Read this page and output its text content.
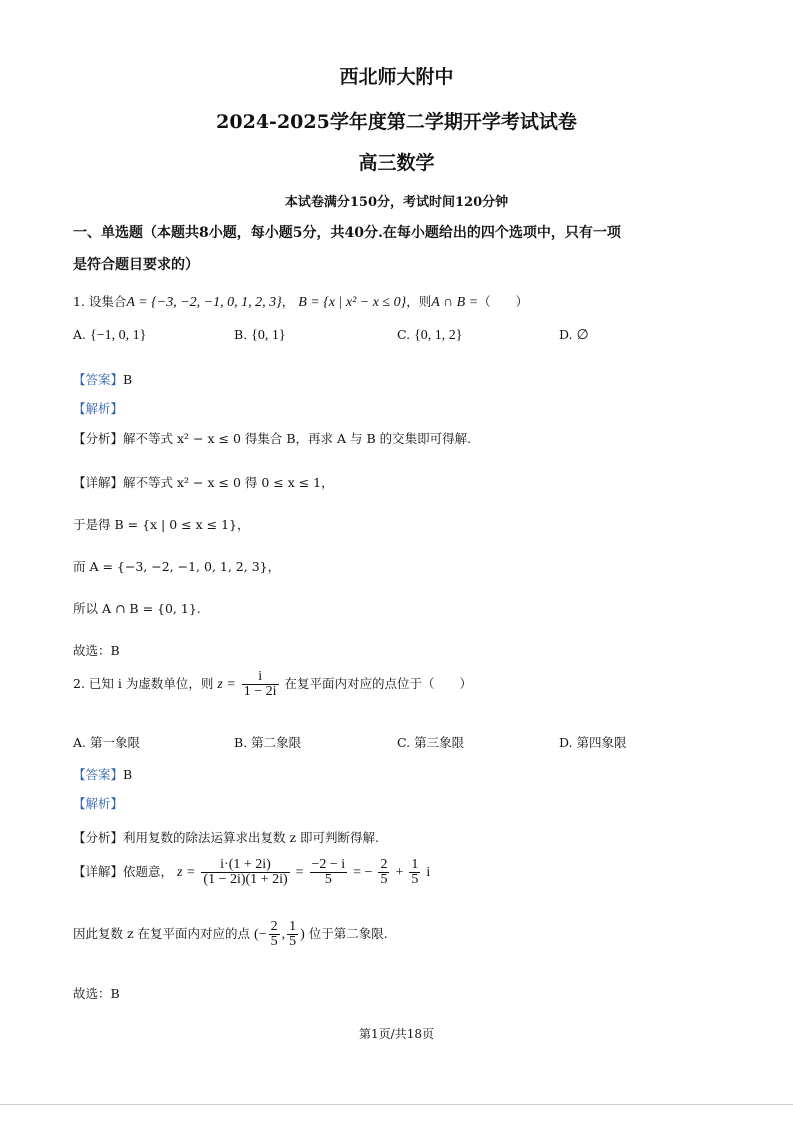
西北师大附中
2024-2025学年度第二学期开学考试试卷
高三数学
本试卷满分150分，考试时间120分钟
一、单选题（本题共8小题，每小题5分，共40分.在每小题给出的四个选项中，只有一项
是符合题目要求的）
1. 设集合A = {−3, −2, −1, 0, 1, 2, 3}， B = {x | x² − x ≤ 0}，则A ∩ B =（　　）
A. {−1, 0, 1}	B. {0, 1}	C. {0, 1, 2}	D. ∅
【答案】B
【解析】
【分析】解不等式 x² − x ≤ 0 得集合 B，再求 A 与 B 的交集即可得解.
【详解】解不等式 x² − x ≤ 0 得 0 ≤ x ≤ 1，
于是得 B = {x | 0 ≤ x ≤ 1}，
而 A = {−3, −2, −1, 0, 1, 2, 3}，
所以 A ∩ B = {0, 1}.
故选：B
2. 已知 i 为虚数单位，则 $z = \frac{i}{1 - 2i}$ 在复平面内对应的点位于（　　）
A. 第一象限	B. 第二象限	C. 第三象限	D. 第四象限
【答案】B
【解析】
【分析】利用复数的除法运算求出复数 z 即可判断得解.
【详解】依题意， $z = \frac{i\cdot(1 + 2i)}{(1 - 2i)(1 + 2i)} = \frac{-2 - i}{5}$ = − $\frac{2}{5} + \frac{1}{5}$ i
因此复数 z 在复平面内对应的点 (− $\frac{2}{5}$ , $\frac{1}{5}$ ) 位于第二象限.
故选：B
第1页/共18页
